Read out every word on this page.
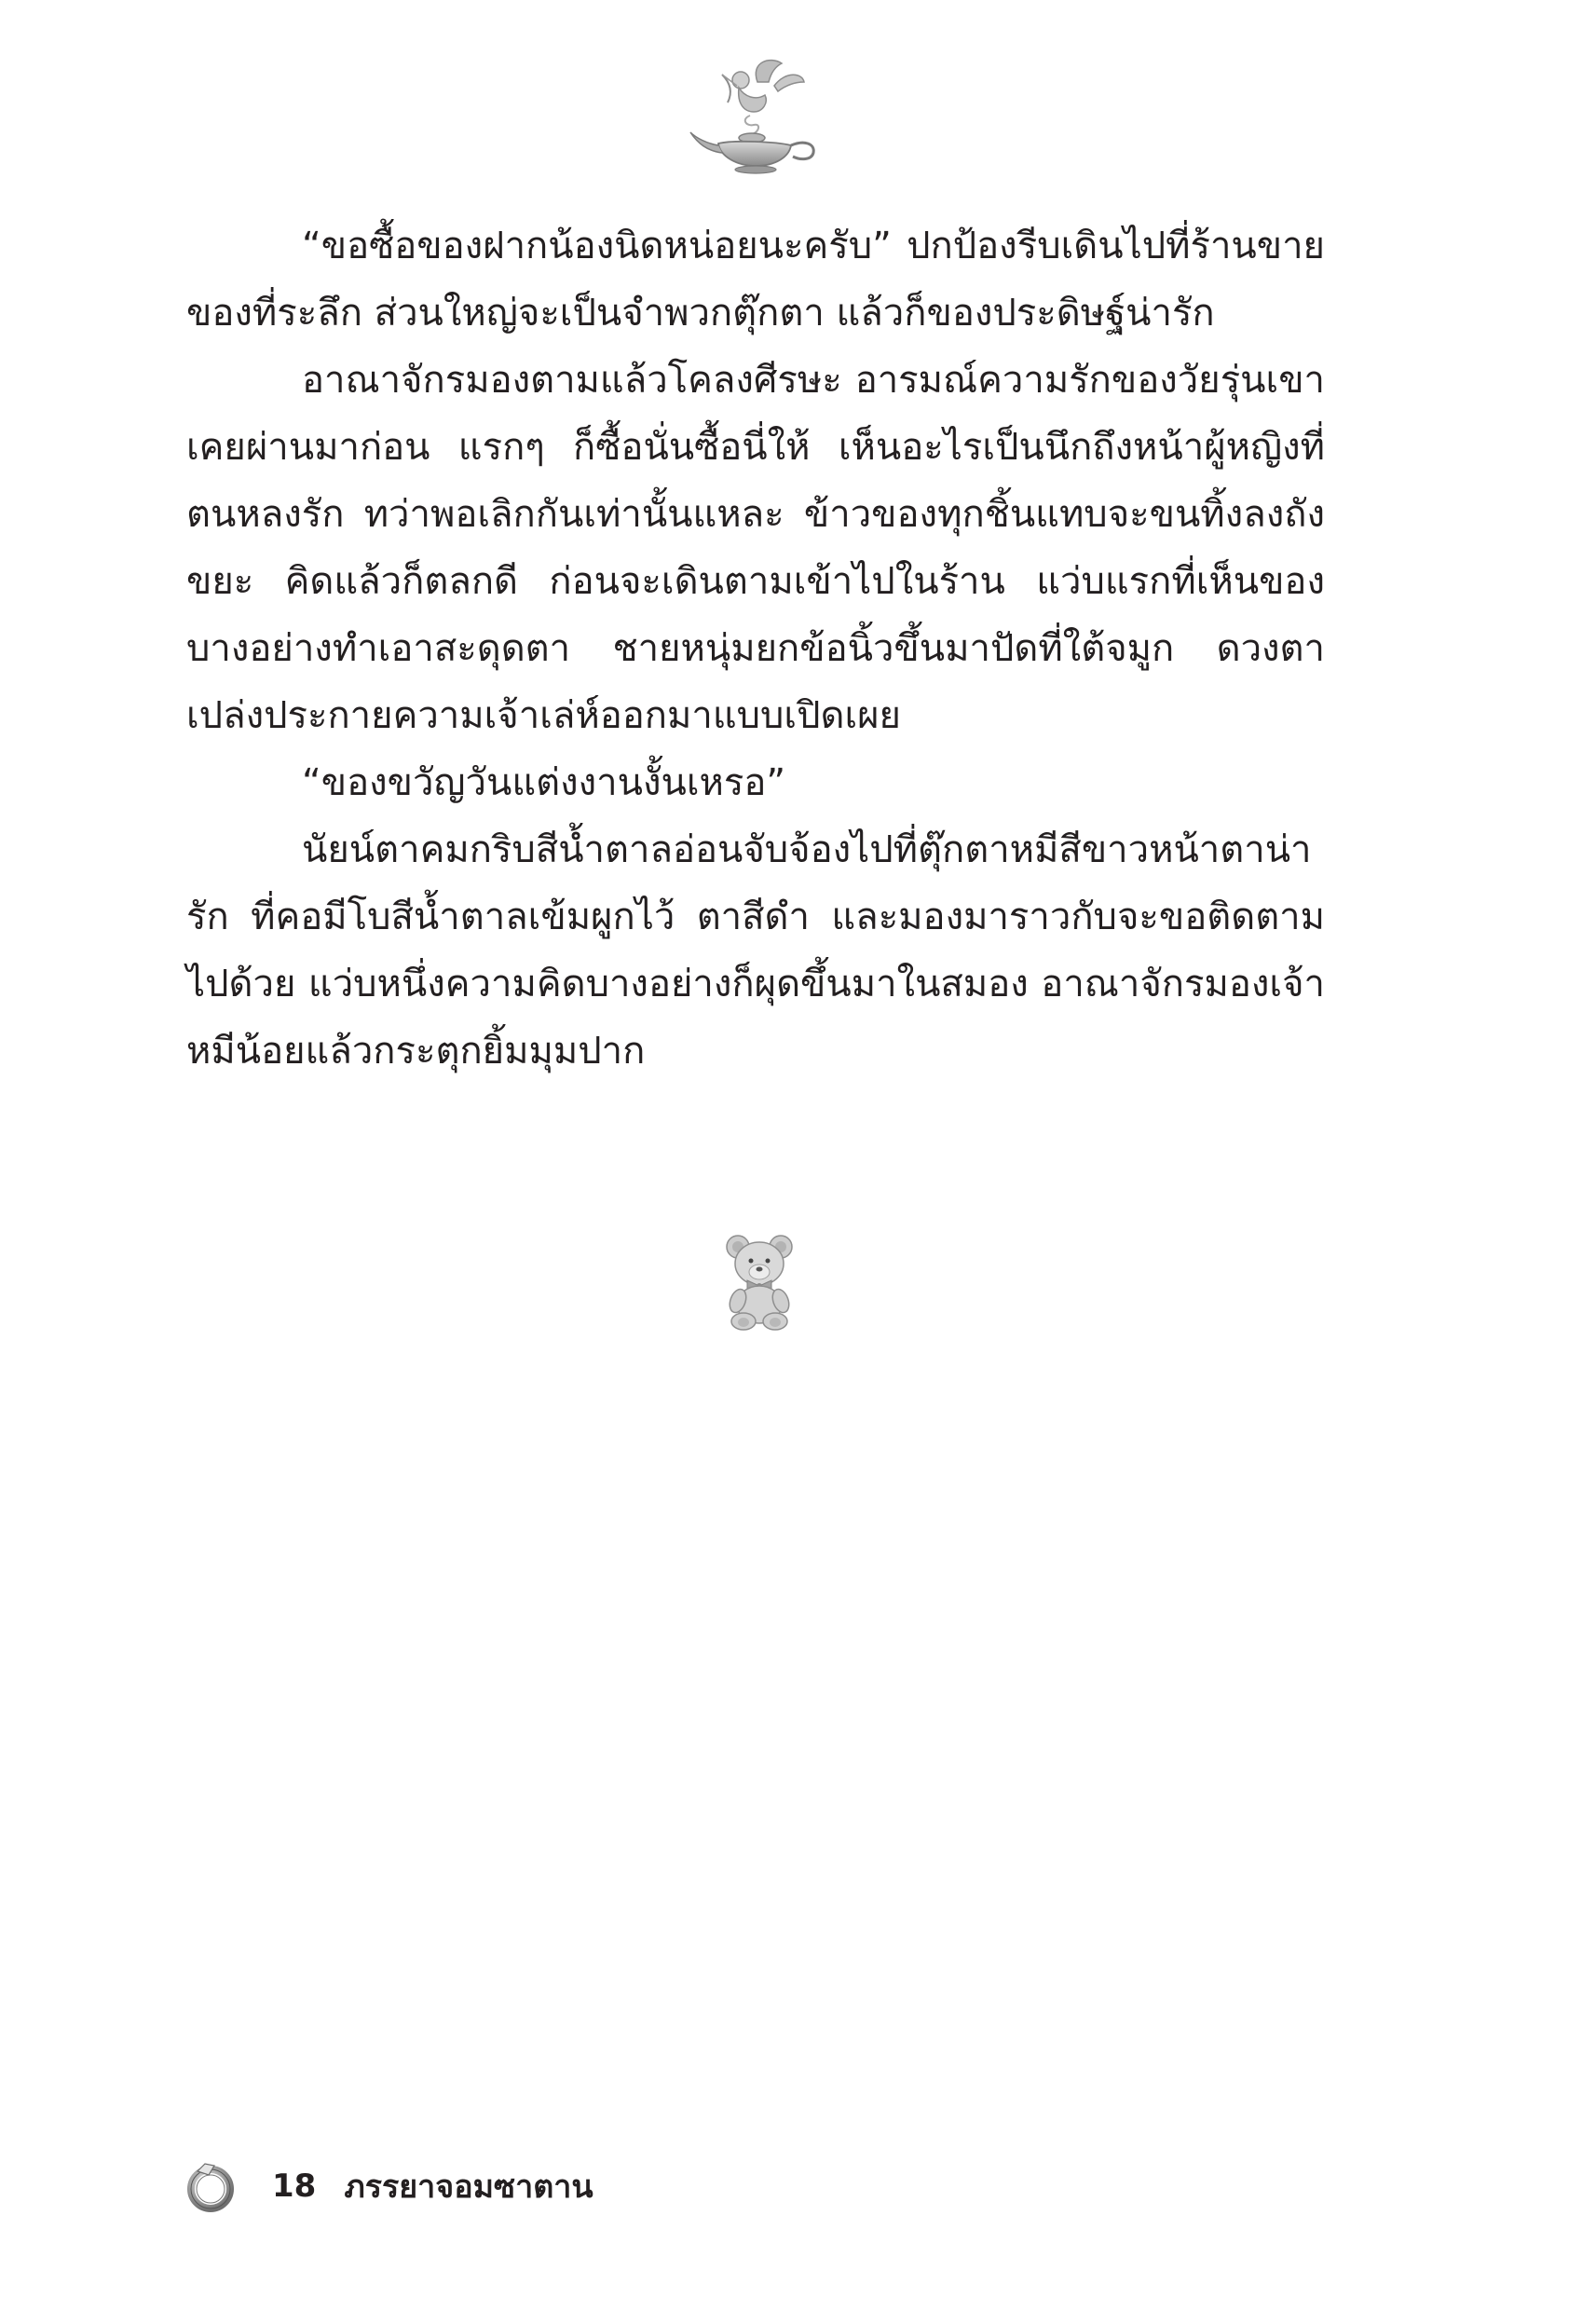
“ขอซื้อของฝากน้องนิดหน่อยนะครับ” ปกป้องรีบเดินไปที่ร้านขายของที่ระลึก ส่วนใหญ่จะเป็นจำพวกตุ๊กตา แล้วก็ของประดิษฐ์น่ารัก

อาณาจักรมองตามแล้วโคลงศีรษะ อารมณ์ความรักของวัยรุ่นเขาเคยผ่านมาก่อน แรกๆ ก็ซื้อนั่นซื้อนี่ให้ เห็นอะไรเป็นนึกถึงหน้าผู้หญิงที่ตนหลงรัก ทว่าพอเลิกกันเท่านั้นแหละ ข้าวของทุกชิ้นแทบจะขนทิ้งลงถังขยะ คิดแล้วก็ตลกดี ก่อนจะเดินตามเข้าไปในร้าน แว่บแรกที่เห็นของบางอย่างทำเอาสะดุดตา ชายหนุ่มยกข้อนิ้วขึ้นมาปัดที่ใต้จมูก ดวงตาเปล่งประกายความเจ้าเล่ห์ออกมาแบบเปิดเผย

“ของขวัญวันแต่งงานงั้นเหรอ”

นัยน์ตาคมกริบสีน้ำตาลอ่อนจับจ้องไปที่ตุ๊กตาหมีสีขาวหน้าตาน่ารัก ที่คอมีโบสีน้ำตาลเข้มผูกไว้ ตาสีดำ และมองมาราวกับจะขอติดตามไปด้วย แว่บหนึ่งความคิดบางอย่างก็ผุดขึ้นมาในสมอง อาณาจักรมองเจ้าหมีน้อยแล้วกระตุกยิ้มมุมปาก

18 ภรรยาจอมซาตาน
